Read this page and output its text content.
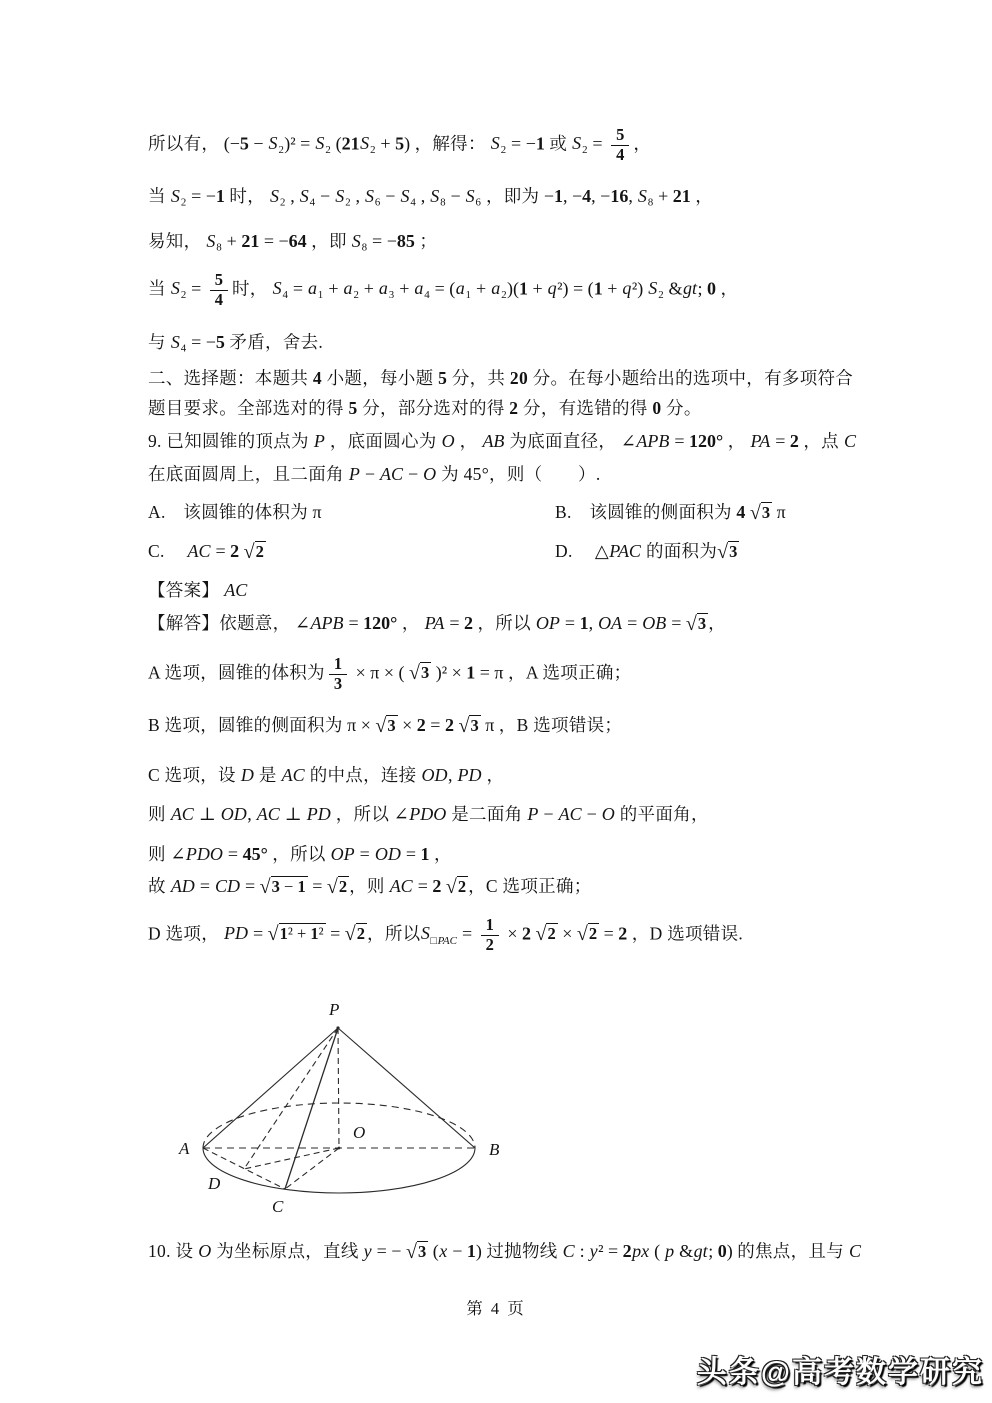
所以有， (−5 − S₂)² = S₂ (21S₂ + 5) ，解得： S₂ = −1 或 $S_2 = \frac{5}{4}$ ，
当 S₂ = −1 时， S₂ , S₄ − S₂ , S₆ − S₄ , S₈ − S₆ ，即为 −1, −4, −16, S₈ + 21 ，
易知， S₈ + 21 = −64 ，即 S₈ = −85 ；
当 $S_2 = \frac{5}{4}$ 时， S₄ = a₁ + a₂ + a₃ + a₄ = (a₁ + a₂)(1 + q²) = (1 + q²) S₂ &gt; 0 ，
与 S₄ = −5 矛盾，舍去.
二、选择题：本题共 4 小题，每小题 5 分，共 20 分。在每小题给出的选项中，有多项符合
题目要求。全部选对的得 5 分，部分选对的得 2 分，有选错的得 0 分。
9. 已知圆锥的顶点为 P ，底面圆心为 O ， AB 为底面直径， ∠APB = 120° ， PA = 2 ，点 C
在底面圆周上，且二面角 P − AC − O 为 45°，则（　　）.
A.　该圆锥的体积为 π	B.　该圆锥的侧面积为 4 √3 π
C.　 AC = 2 √2	D.　 △PAC 的面积为√3
【答案】 AC
【解答】依题意， ∠APB = 120° ， PA = 2 ，所以 OP = 1, OA = OB = √3 ，
A 选项，圆锥的体积为 $\frac{1}{3} \times \pi$ × ( √3 )² × 1 = π ，A 选项正确；
B 选项，圆锥的侧面积为 π × √3 × 2 = 2 √3 π ，B 选项错误；
C 选项，设 D 是 AC 的中点，连接 OD, PD ，
则 AC ⊥ OD, AC ⊥ PD ，所以 ∠PDO 是二面角 P − AC − O 的平面角，
则 ∠PDO = 45° ，所以 OP = OD = 1 ，
故 AD = CD = √3 − 1 = √2 ，则 AC = 2 √2 ，C 选项正确；
D 选项， PD = √1² + 1² = √2 ，所以$S_{□PAC} = \frac{1}{2} \times 2$ √2 × √2 = 2 ，D 选项错误.
10. 设 O 为坐标原点，直线 y = − √3 (x − 1) 过抛物线 C : y² = 2px ( p &gt; 0) 的焦点，且与 C
P
O
A	B
C
D
第 4 页
头条@高考数学研究
